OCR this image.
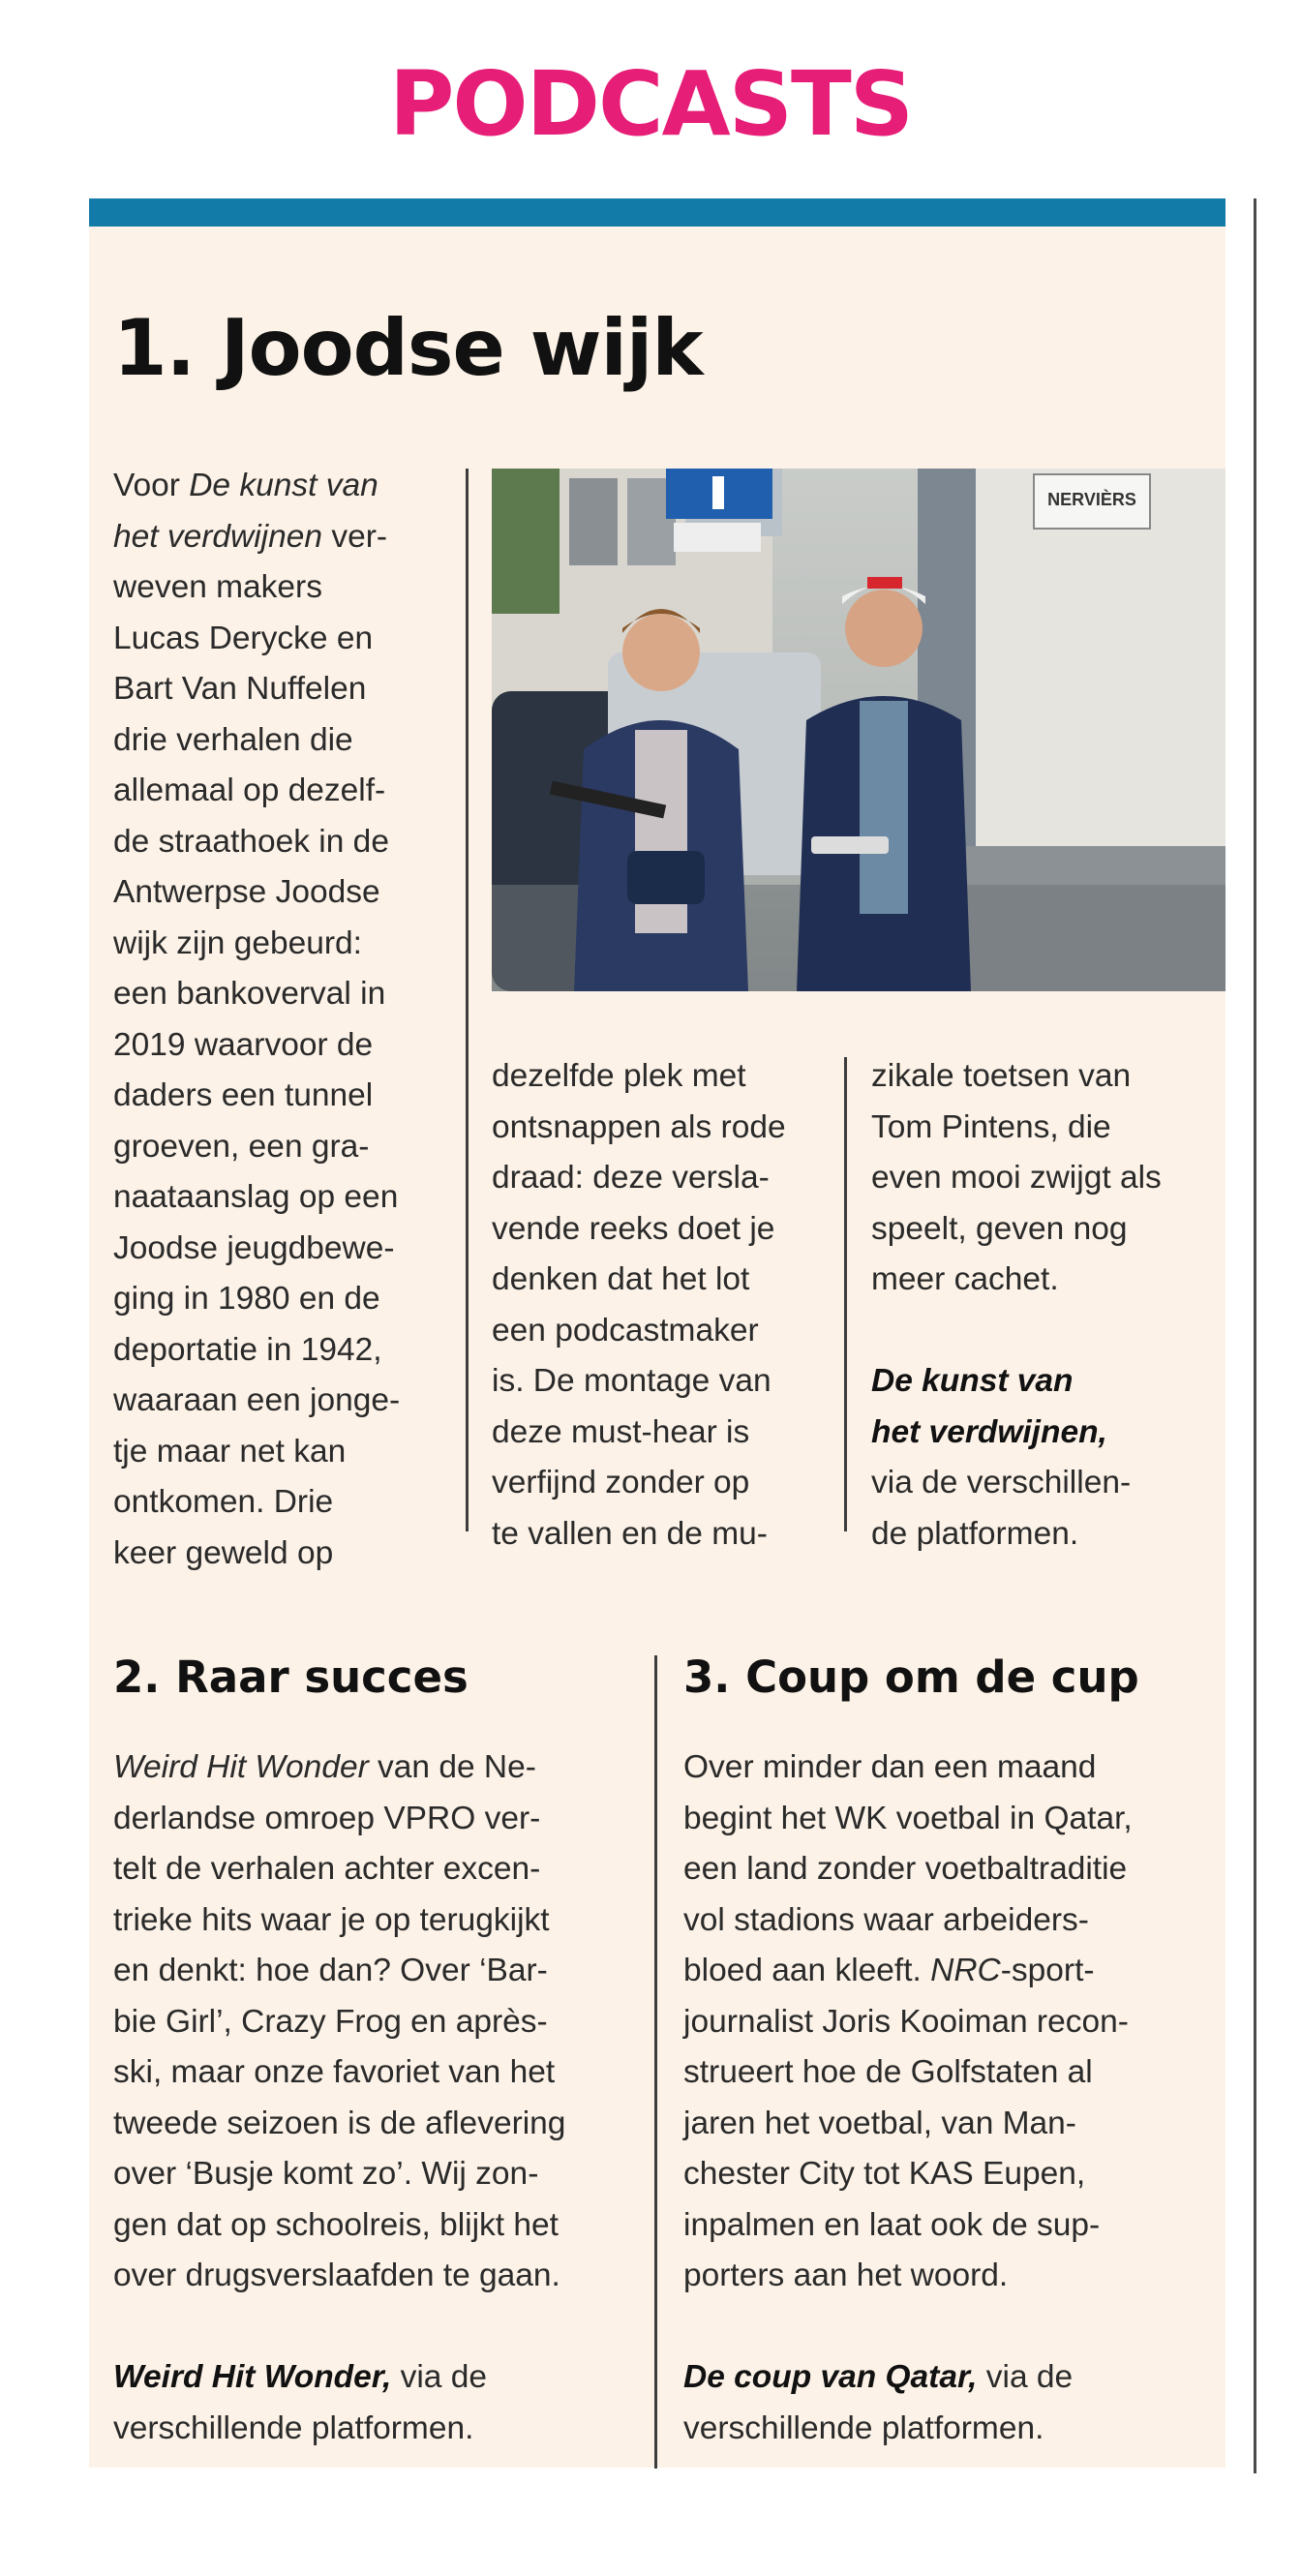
PODCASTS
1. Joodse wijk
Voor De kunst van
het verdwijnen ver-
weven makers
Lucas Derycke en
Bart Van Nuffelen
drie verhalen die
allemaal op dezelf-
de straathoek in de
Antwerpse Joodse
wijk zijn gebeurd:
een bankoverval in
2019 waarvoor de
daders een tunnel
groeven, een gra-
naataanslag op een
Joodse jeugdbewe-
ging in 1980 en de
deportatie in 1942,
waaraan een jonge-
tje maar net kan
ontkomen. Drie
keer geweld op
NERVIÈRS
dezelfde plek met
ontsnappen als rode
draad: deze versla-
vende reeks doet je
denken dat het lot
een podcastmaker
is. De montage van
deze must-hear is
verfijnd zonder op
te vallen en de mu-
zikale toetsen van
Tom Pintens, die
even mooi zwijgt als
speelt, geven nog
meer cachet.
De kunst van
het verdwijnen,
via de verschillen-
de platformen.
2. Raar succes
Weird Hit Wonder van de Ne-
derlandse omroep VPRO ver-
telt de verhalen achter excen-
trieke hits waar je op terugkijkt
en denkt: hoe dan? Over ‘Bar-
bie Girl’, Crazy Frog en après-
ski, maar onze favoriet van het
tweede seizoen is de aflevering
over ‘Busje komt zo’. Wij zon-
gen dat op schoolreis, blijkt het
over drugsverslaafden te gaan.
Weird Hit Wonder, via de
verschillende platformen.
3. Coup om de cup
Over minder dan een maand
begint het WK voetbal in Qatar,
een land zonder voetbaltraditie
vol stadions waar arbeiders-
bloed aan kleeft. NRC-sport-
journalist Joris Kooiman recon-
strueert hoe de Golfstaten al
jaren het voetbal, van Man-
chester City tot KAS Eupen,
inpalmen en laat ook de sup-
porters aan het woord.
De coup van Qatar, via de
verschillende platformen.
